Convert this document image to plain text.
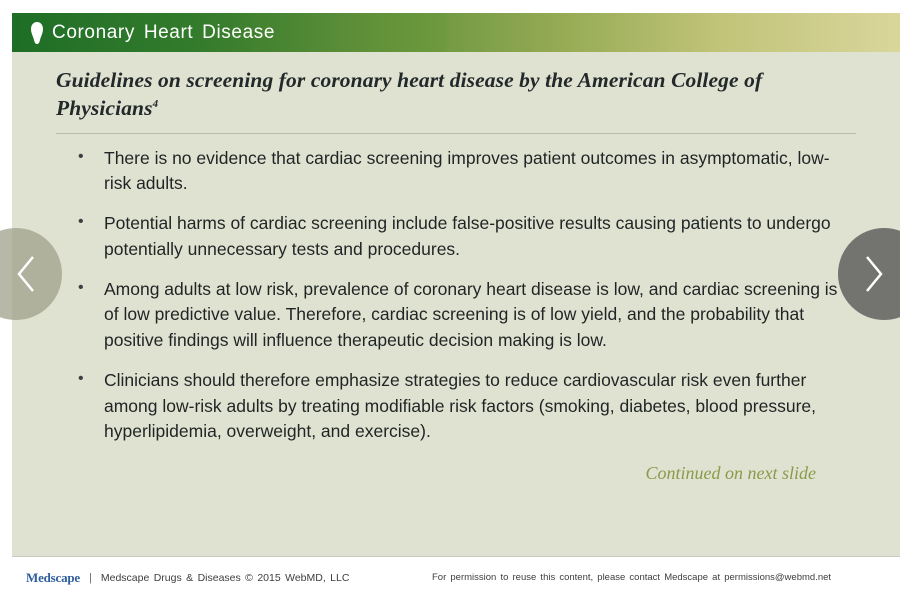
Coronary Heart Disease
Guidelines on screening for coronary heart disease by the American College of Physicians$^4$
• There is no evidence that cardiac screening improves patient outcomes in asymptomatic, low-risk adults.
• Potential harms of cardiac screening include false-positive results causing patients to undergo potentially unnecessary tests and procedures.
• Among adults at low risk, prevalence of coronary heart disease is low, and cardiac screening is of low predictive value. Therefore, cardiac screening is of low yield, and the probability that positive findings will influence therapeutic decision making is low.
• Clinicians should therefore emphasize strategies to reduce cardiovascular risk even further among low-risk adults by treating modifiable risk factors (smoking, diabetes, blood pressure, hyperlipidemia, overweight, and exercise).
Continued on next slide
Medscape | Medscape Drugs & Diseases © 2015 WebMD, LLC	For permission to reuse this content, please contact Medscape at permissions@webmd.net
